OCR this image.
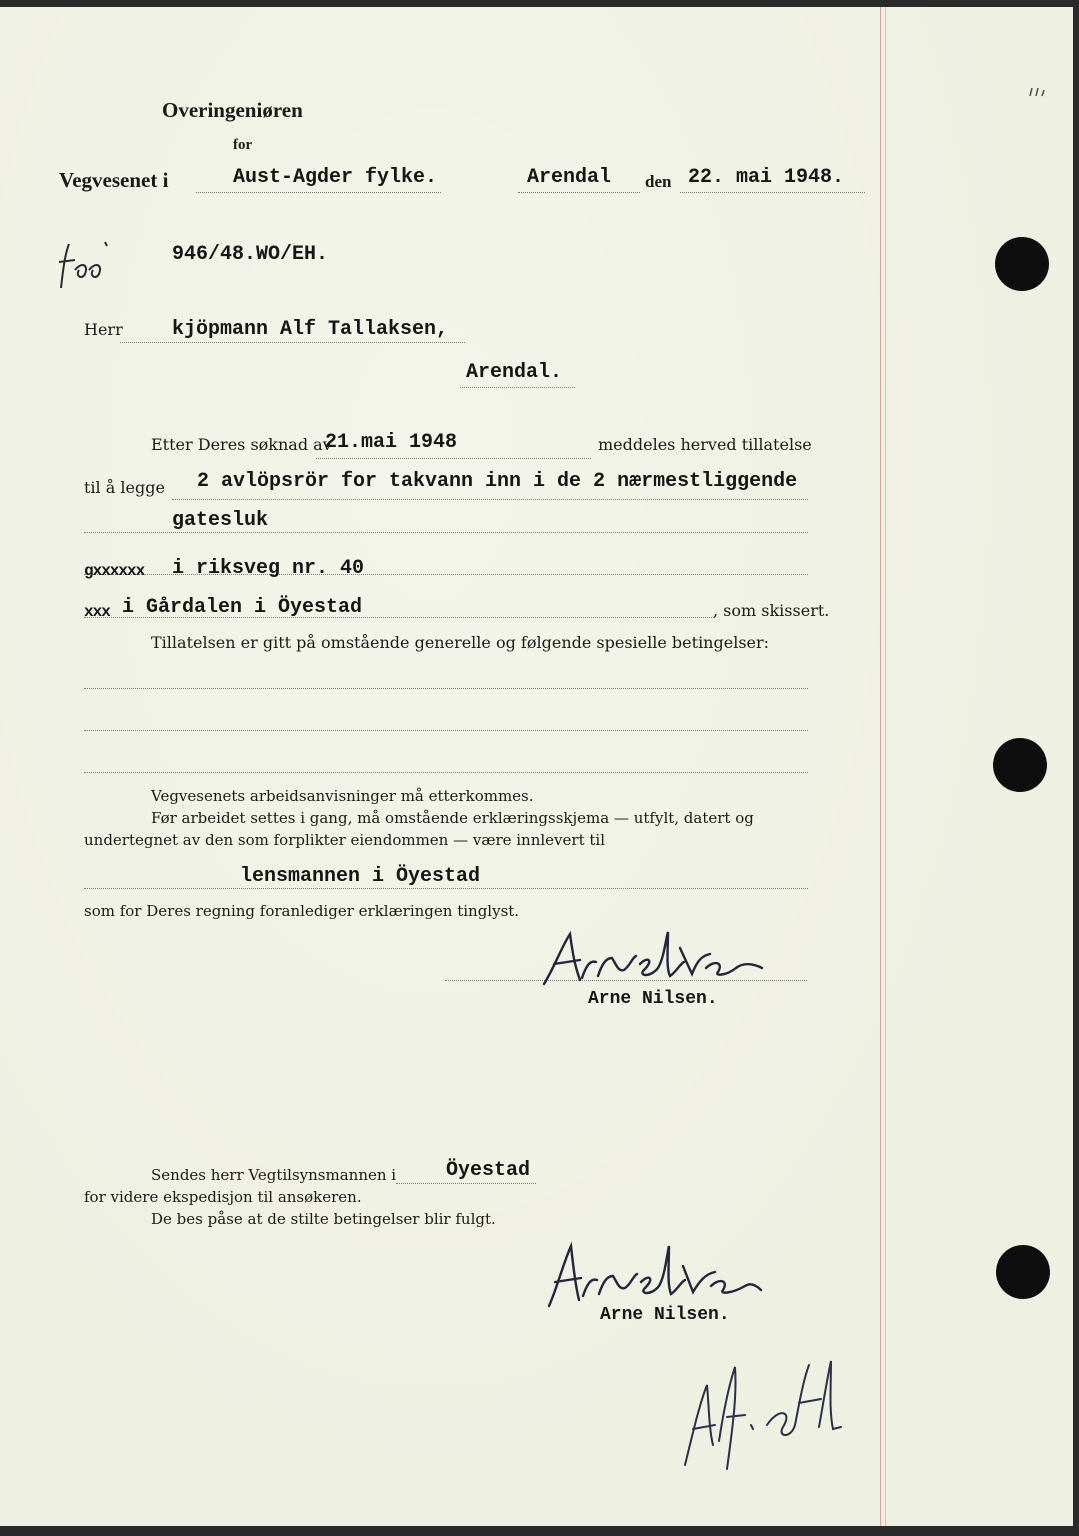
Overingeniøren
for
Vegvesenet i	Aust-Agder fylke.	Arendal den 22. mai 1948.
946/48.WO/EH.
Herr kjöpmann Alf Tallaksen,
Arendal.
Etter Deres søknad av
21.mai 1948	meddeles herved tillatelse
til å legge 2 avlöpsrör for takvann inn i de 2 nærmestliggende
gatesluk
gxxxxxx i riksveg nr. 40
xxx i Gårdalen i Öyestad	, som skissert.
Tillatelsen er gitt på omstående generelle og følgende spesielle betingelser:
Vegvesenets arbeidsanvisninger må etterkommes.
Før arbeidet settes i gang, må omstående erklæringsskjema — utfylt, datert og
undertegnet av den som forplikter eiendommen — være innlevert til
lensmannen i Öyestad
som for Deres regning foranlediger erklæringen tinglyst.
Arne Nilsen.
Sendes herr Vegtilsynsmannen i Öyestad
for videre ekspedisjon til ansøkeren.
De bes påse at de stilte betingelser blir fulgt.
Arne Nilsen.
